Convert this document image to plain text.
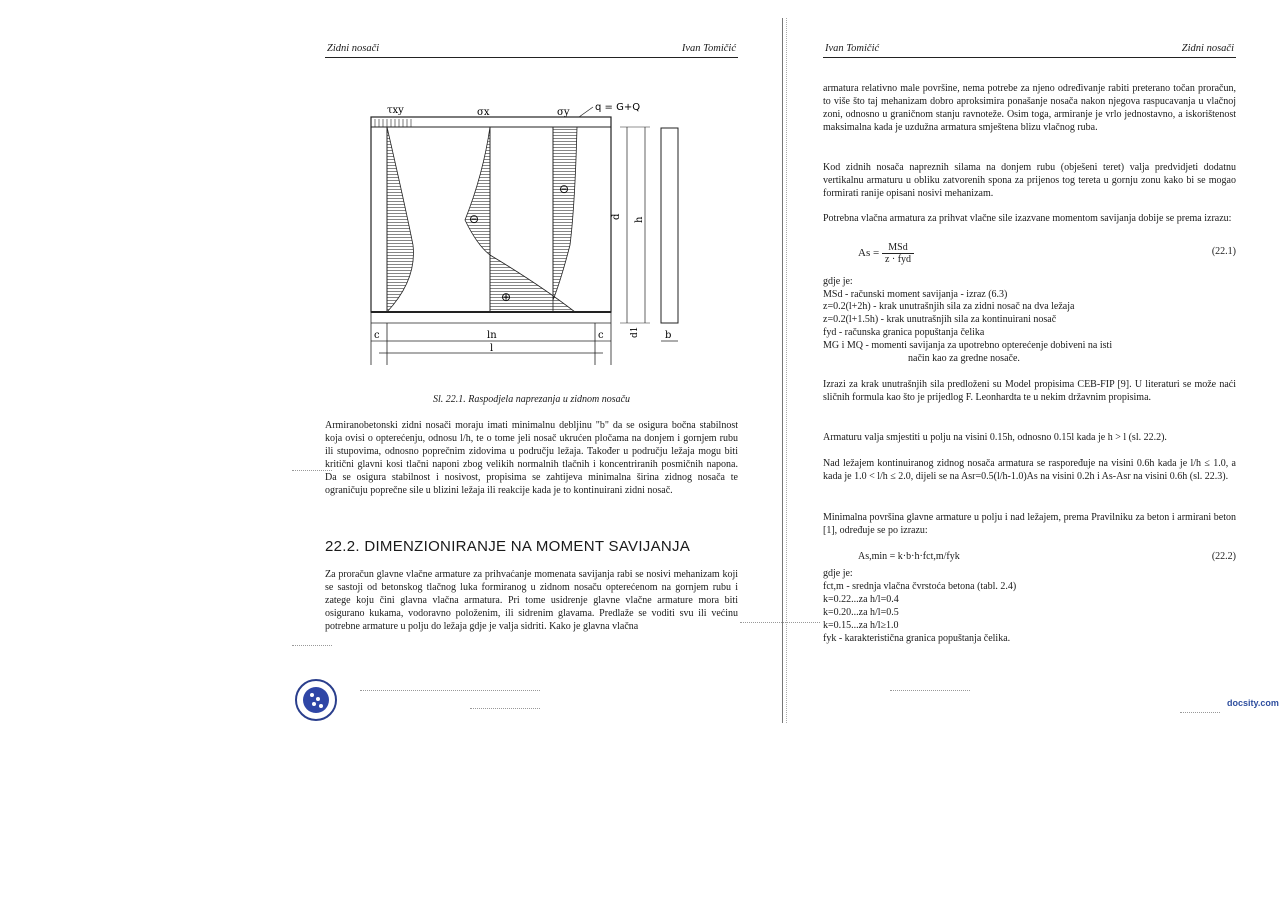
Zidni nosači	Ivan Tomičić
τxy	σx	σy	q = G+Q
d h
d1
c	c
ln
l
b
⊖
⊖
⊕
Sl. 22.1. Raspodjela naprezanja u zidnom nosaču

Armiranobetonski zidni nosači moraju imati minimalnu debljinu "b" da se osigura bočna stabilnost koja ovisi o opterećenju, odnosu l/h, te o tome jeli nosač ukrućen pločama na donjem i gornjem rubu ili stupovima, odnosno poprečnim zidovima u području ležaja. Također u području ležaja mogu biti kritični glavni kosi tlačni naponi zbog velikih normalnih tlačnih i koncentriranih posmičnih napona. Da se osigura stabilnost i nosivost, propisima se zahtijeva minimalna širina zidnog nosača te ograničuju poprečne sile u blizini ležaja ili reakcije kada je to kontinuirani zidni nosač.

22.2. DIMENZIONIRANJE NA MOMENT SAVIJANJA

Za proračun glavne vlačne armature za prihvaćanje momenata savijanja rabi se nosivi mehanizam koji se sastoji od betonskog tlačnog luka formiranog u zidnom nosaču opterećenom na gornjem rubu i zatege koju čini glavna vlačna armatura. Pri tome usidrenje glavne vlačne armature mora biti osigurano kukama, vodoravno položenim, ili sidrenim glavama. Predlaže se voditi svu ili većinu potrebne armature u polju do ležaja gdje je valja sidriti. Kako je glavna vlačna

Ivan Tomičić	Zidni nosači

armatura relativno male površine, nema potrebe za njeno određivanje rabiti preterano točan proračun, to više što taj mehanizam dobro aproksimira ponašanje nosača nakon njegova raspucavanja u vlačnoj zoni, odnosno u graničnom stanju ravnoteže. Osim toga, armiranje je vrlo jednostavno, a iskorištenost maksimalna kada je uzdužna armatura smještena blizu vlačnog ruba.

Kod zidnih nosača napreznih silama na donjem rubu (obješeni teret) valja predvidjeti dodatnu vertikalnu armaturu u obliku zatvorenih spona za prijenos tog tereta u gornju zonu kako bi se mogao formirati ranije opisani nosivi mehanizam.

Potrebna vlačna armatura za prihvat vlačne sile izazvane momentom savijanja dobije se prema izrazu:

$As = \frac{\text{MSd}}{\text{z · fyd}}$	(22.1)
gdje je:
MSd - računski moment savijanja - izraz (6.3)
z=0.2(l+2h) - krak unutrašnjih sila za zidni nosač na dva ležaja
z=0.2(l+1.5h) - krak unutrašnjih sila za kontinuirani nosač
fyd - računska granica popuštanja čelika
MG i MQ - momenti savijanja za upotrebno opterećenje dobiveni na isti
način kao za gredne nosače.

Izrazi za krak unutrašnjih sila predloženi su Model propisima CEB-FIP [9]. U literaturi se može naći sličnih formula kao što je prijedlog F. Leonhardta te u nekim državnim propisima.

Armaturu valja smjestiti u polju na visini 0.15h, odnosno 0.15l kada je h > l (sl. 22.2).

Nad ležajem kontinuiranog zidnog nosača armatura se raspoređuje na visini 0.6h kada je l/h ≤ 1.0, a kada je 1.0 < l/h ≤ 2.0, dijeli se na Asr=0.5(l/h-1.0)As na visini 0.2h i As-Asr na visini 0.6h (sl. 22.3).

Minimalna površina glavne armature u polju i nad ležajem, prema Pravilniku za beton i armirani beton [1], određuje se po izrazu:

As,min = k·b·h·fct,m/fyk	(22.2)
gdje je:
fct,m - srednja vlačna čvrstoća betona (tabl. 2.4)
k=0.22...za h/l=0.4
k=0.20...za h/l=0.5
k=0.15...za h/l≥1.0
fyk - karakteristična granica popuštanja čelika.
docsity.com
